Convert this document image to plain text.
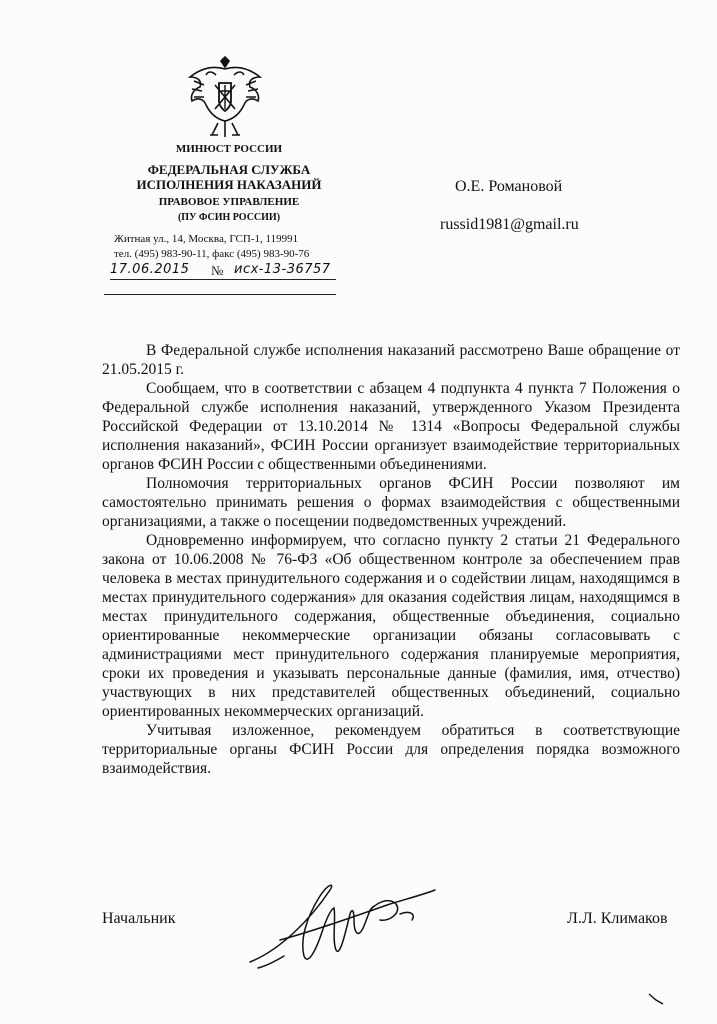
МИНЮСТ РОССИИ
ФЕДЕРАЛЬНАЯ СЛУЖБА
ИСПОЛНЕНИЯ НАКАЗАНИЙ
ПРАВОВОЕ УПРАВЛЕНИЕ
(ПУ ФСИН РОССИИ)
Житная ул., 14, Москва, ГСП-1, 119991
тел. (495) 983-90-11, факс (495) 983-90-76
17.06.2015 № исх-13-36757
О.Е. Романовой
russid1981@gmail.ru

В Федеральной службе исполнения наказаний рассмотрено Ваше обращение от 21.05.2015 г.

Сообщаем, что в соответствии с абзацем 4 подпункта 4 пункта 7 Положения о Федеральной службе исполнения наказаний, утвержденного Указом Президента Российской Федерации от 13.10.2014 № 1314 «Вопросы Федеральной службы исполнения наказаний», ФСИН России организует взаимодействие территориальных органов ФСИН России с общественными объединениями.

Полномочия территориальных органов ФСИН России позволяют им самостоятельно принимать решения о формах взаимодействия с общественными организациями, а также о посещении подведомственных учреждений.

Одновременно информируем, что согласно пункту 2 статьи 21 Федерального закона от 10.06.2008 № 76-ФЗ «Об общественном контроле за обеспечением прав человека в местах принудительного содержания и о содействии лицам, находящимся в местах принудительного содержания» для оказания содействия лицам, находящимся в местах принудительного содержания, общественные объединения, социально ориентированные некоммерческие организации обязаны согласовывать с администрациями мест принудительного содержания планируемые мероприятия, сроки их проведения и указывать персональные данные (фамилия, имя, отчество) участвующих в них представителей общественных объединений, социально ориентированных некоммерческих организаций.

Учитывая изложенное, рекомендуем обратиться в соответствующие территориальные органы ФСИН России для определения порядка возможного взаимодействия.

Начальник	Л.Л. Климаков
